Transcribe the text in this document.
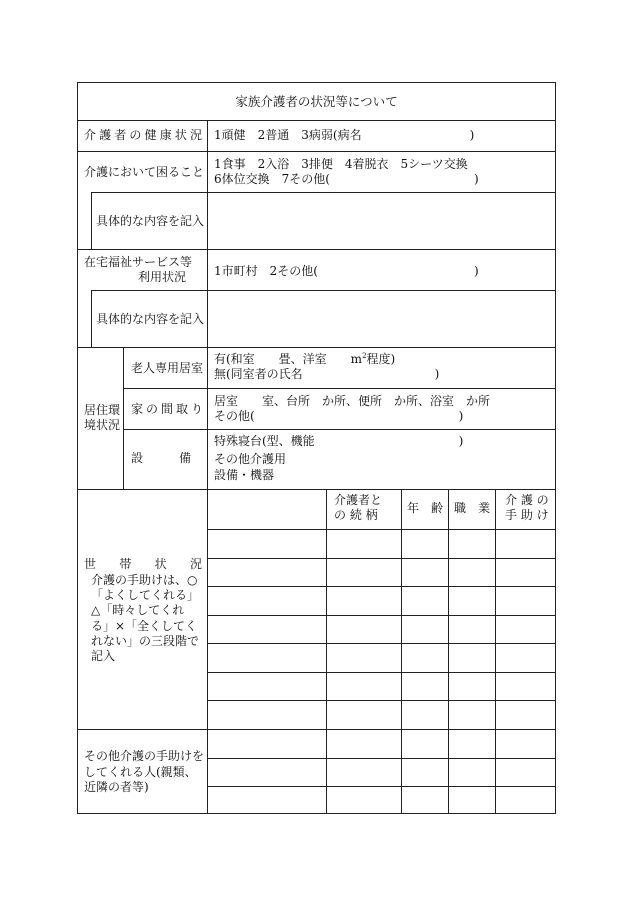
家族介護者の状況等について
介護者の健康状況 1頑健　2普通　3病弱(病名　　　　　　　　　)
介護において困ること
1食事　2入浴　3排便　4着脱衣　5シーツ交換
6体位交換　7その他(　　　　　　　　　　　　)
具体的な内容を記入
在宅福祉サービス等
利用状況 1市町村　2その他(　　　　　　　　　　　　　)
具体的な内容を記入
居住環
境状況
老人専用居室
有(和室　　畳、洋室　　$m^2$程度)
無(同室者の氏名　　　　　　　　　　　)
家の間取り
居室　　室、台所　か所、便所　か所、浴室　か所
その他(　　　　　　　　　　　　　　　　　)
設　　　備
特殊寝台(型、機能　　　　　　　　　　　　)
その他介護用
設備・機器
介護者と
の 続 柄	年　齢 職　業
介 護 の
手 助 け
世　帯　状　況
介護の手助けは、○
「よくしてくれる」
△「時々してくれ
る」×「全くしてく
れない」の三段階で
記入
その他介護の手助けを
してくれる人(親類、
近隣の者等)
